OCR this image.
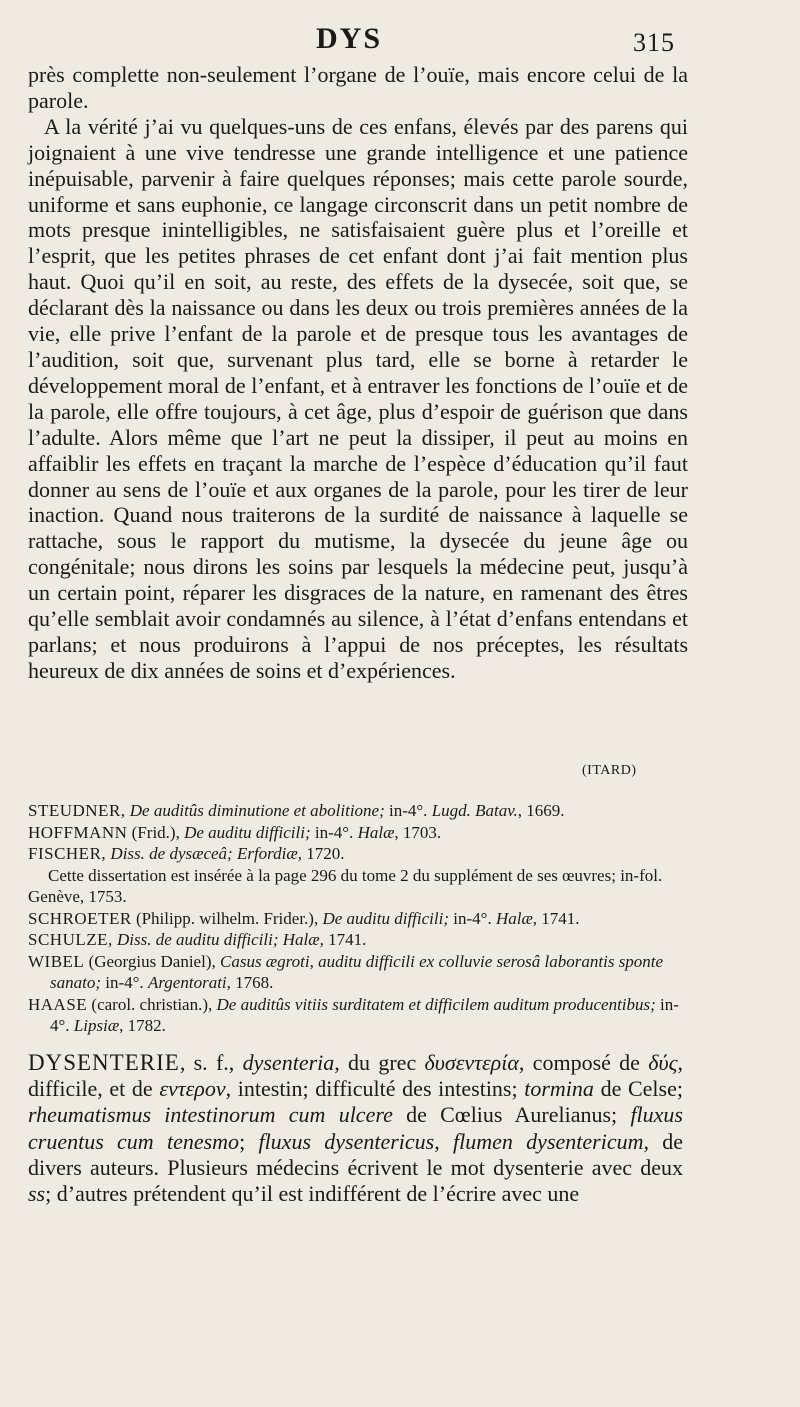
DYS	315

près complette non-seulement l’organe de l’ouïe, mais encore celui de la parole.

A la vérité j’ai vu quelques-uns de ces enfans, élevés par des parens qui joignaient à une vive tendresse une grande intelligence et une patience inépuisable, parvenir à faire quelques réponses; mais cette parole sourde, uniforme et sans euphonie, ce langage circonscrit dans un petit nombre de mots presque inintelligibles, ne satisfaisaient guère plus et l’oreille et l’esprit, que les petites phrases de cet enfant dont j’ai fait mention plus haut. Quoi qu’il en soit, au reste, des effets de la dysecée, soit que, se déclarant dès la naissance ou dans les deux ou trois premières années de la vie, elle prive l’enfant de la parole et de presque tous les avantages de l’audition, soit que, survenant plus tard, elle se borne à retarder le développement moral de l’enfant, et à entraver les fonctions de l’ouïe et de la parole, elle offre toujours, à cet âge, plus d’espoir de guérison que dans l’adulte. Alors même que l’art ne peut la dissiper, il peut au moins en affaiblir les effets en traçant la marche de l’espèce d’éducation qu’il faut donner au sens de l’ouïe et aux organes de la parole, pour les tirer de leur inaction. Quand nous traiterons de la surdité de naissance à laquelle se rattache, sous le rapport du mutisme, la dysecée du jeune âge ou congénitale; nous dirons les soins par lesquels la médecine peut, jusqu’à un certain point, réparer les disgraces de la nature, en ramenant des êtres qu’elle semblait avoir condamnés au silence, à l’état d’enfans entendans et parlans; et nous produirons à l’appui de nos préceptes, les résultats heureux de dix années de soins et d’expériences.

(ITARD)

STEUDNER, De auditûs diminutione et abolitione; in-4°. Lugd. Batav., 1669.

HOFFMANN (Frid.), De auditu difficili; in-4°. Halæ, 1703.

FISCHER, Diss. de dysæceâ; Erfordiæ, 1720.

Cette dissertation est insérée à la page 296 du tome 2 du supplément de ses œuvres; in-fol. Genève, 1753.

SCHROETER (Philipp. wilhelm. Frider.), De auditu difficili; in-4°. Halæ, 1741.

SCHULZE, Diss. de auditu difficili; Halæ, 1741.

WIBEL (Georgius Daniel), Casus ægroti, auditu difficili ex colluvie serosâ laborantis sponte sanato; in-4°. Argentorati, 1768.

HAASE (carol. christian.), De auditûs vitiis surditatem et difficilem auditum producentibus; in-4°. Lipsiæ, 1782.

DYSENTERIE, s. f., dysenteria, du grec δυσεντερία, composé de δύς, difficile, et de εντερον, intestin; difficulté des intestins; tormina de Celse; rheumatismus intestinorum cum ulcere de Cœlius Aurelianus; fluxus cruentus cum tenesmo; fluxus dysentericus, flumen dysentericum, de divers auteurs. Plusieurs médecins écrivent le mot dysenterie avec deux ss; d’autres prétendent qu’il est indifférent de l’écrire avec une
